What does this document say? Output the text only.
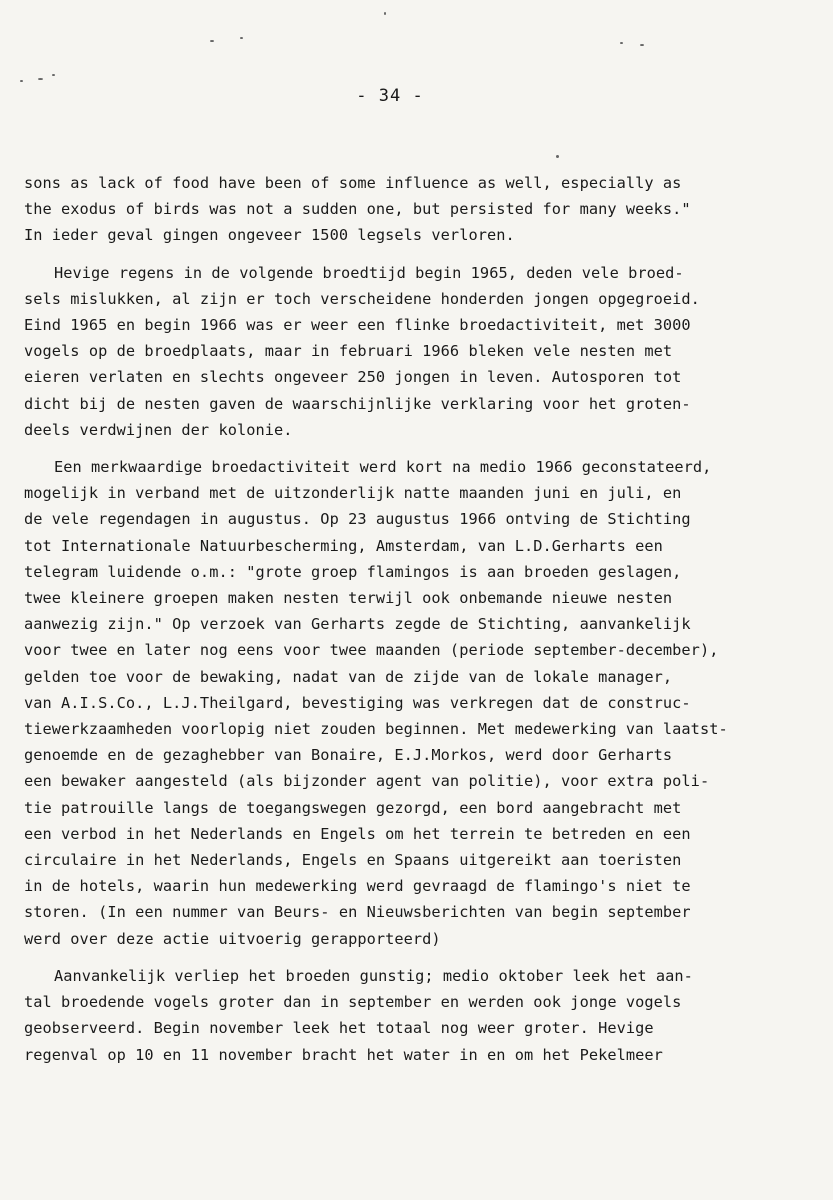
- 34 -
sons as lack of food have been of some influence as well, especially as
the exodus of birds was not a sudden one, but persisted for many weeks."
In ieder geval gingen ongeveer 1500 legsels verloren.
Hevige regens in de volgende broedtijd begin 1965, deden vele broed-
sels mislukken, al zijn er toch verscheidene honderden jongen opgegroeid.
Eind 1965 en begin 1966 was er weer een flinke broedactiviteit, met 3000
vogels op de broedplaats, maar in februari 1966 bleken vele nesten met
eieren verlaten en slechts ongeveer 250 jongen in leven. Autosporen tot
dicht bij de nesten gaven de waarschijnlijke verklaring voor het groten-
deels verdwijnen der kolonie.
Een merkwaardige broedactiviteit werd kort na medio 1966 geconstateerd,
mogelijk in verband met de uitzonderlijk natte maanden juni en juli, en
de vele regendagen in augustus. Op 23 augustus 1966 ontving de Stichting
tot Internationale Natuurbescherming, Amsterdam, van L.D.Gerharts een
telegram luidende o.m.: "grote groep flamingos is aan broeden geslagen,
twee kleinere groepen maken nesten terwijl ook onbemande nieuwe nesten
aanwezig zijn." Op verzoek van Gerharts zegde de Stichting, aanvankelijk
voor twee en later nog eens voor twee maanden (periode september-december),
gelden toe voor de bewaking, nadat van de zijde van de lokale manager,
van A.I.S.Co., L.J.Theilgard, bevestiging was verkregen dat de construc-
tiewerkzaamheden voorlopig niet zouden beginnen. Met medewerking van laatst-
genoemde en de gezaghebber van Bonaire, E.J.Morkos, werd door Gerharts
een bewaker aangesteld (als bijzonder agent van politie), voor extra poli-
tie patrouille langs de toegangswegen gezorgd, een bord aangebracht met
een verbod in het Nederlands en Engels om het terrein te betreden en een
circulaire in het Nederlands, Engels en Spaans uitgereikt aan toeristen
in de hotels, waarin hun medewerking werd gevraagd de flamingo's niet te
storen. (In een nummer van Beurs- en Nieuwsberichten van begin september
werd over deze actie uitvoerig gerapporteerd)
Aanvankelijk verliep het broeden gunstig; medio oktober leek het aan-
tal broedende vogels groter dan in september en werden ook jonge vogels
geobserveerd. Begin november leek het totaal nog weer groter. Hevige
regenval op 10 en 11 november bracht het water in en om het Pekelmeer
